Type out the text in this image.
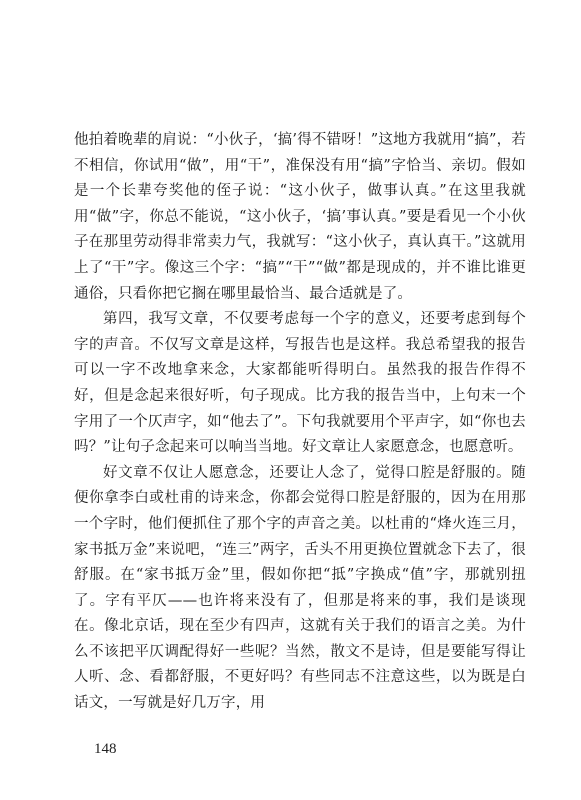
他拍着晚辈的肩说：“小伙子，‘搞’得不错呀！”这地方我就用“搞”，若不相信，你试用“做”，用“干”，准保没有用“搞”字恰当、亲切。假如是一个长辈夸奖他的侄子说：“这小伙子，做事认真。”在这里我就用“做”字，你总不能说，“这小伙子，‘搞’事认真。”要是看见一个小伙子在那里劳动得非常卖力气，我就写：“这小伙子，真认真干。”这就用上了“干”字。像这三个字：“搞”“干”“做”都是现成的，并不谁比谁更通俗，只看你把它搁在哪里最恰当、最合适就是了。

第四，我写文章，不仅要考虑每一个字的意义，还要考虑到每个字的声音。不仅写文章是这样，写报告也是这样。我总希望我的报告可以一字不改地拿来念，大家都能听得明白。虽然我的报告作得不好，但是念起来很好听，句子现成。比方我的报告当中，上句末一个字用了一个仄声字，如“他去了”。下句我就要用个平声字，如“你也去吗？”让句子念起来可以响当当地。好文章让人家愿意念，也愿意听。

好文章不仅让人愿意念，还要让人念了，觉得口腔是舒服的。随便你拿李白或杜甫的诗来念，你都会觉得口腔是舒服的，因为在用那一个字时，他们便抓住了那个字的声音之美。以杜甫的“烽火连三月，家书抵万金”来说吧，“连三”两字，舌头不用更换位置就念下去了，很舒服。在“家书抵万金”里，假如你把“抵”字换成“值”字，那就别扭了。字有平仄——也许将来没有了，但那是将来的事，我们是谈现在。像北京话，现在至少有四声，这就有关于我们的语言之美。为什么不该把平仄调配得好一些呢？当然，散文不是诗，但是要能写得让人听、念、看都舒服，不更好吗？有些同志不注意这些，以为既是白话文，一写就是好几万字，用

148
